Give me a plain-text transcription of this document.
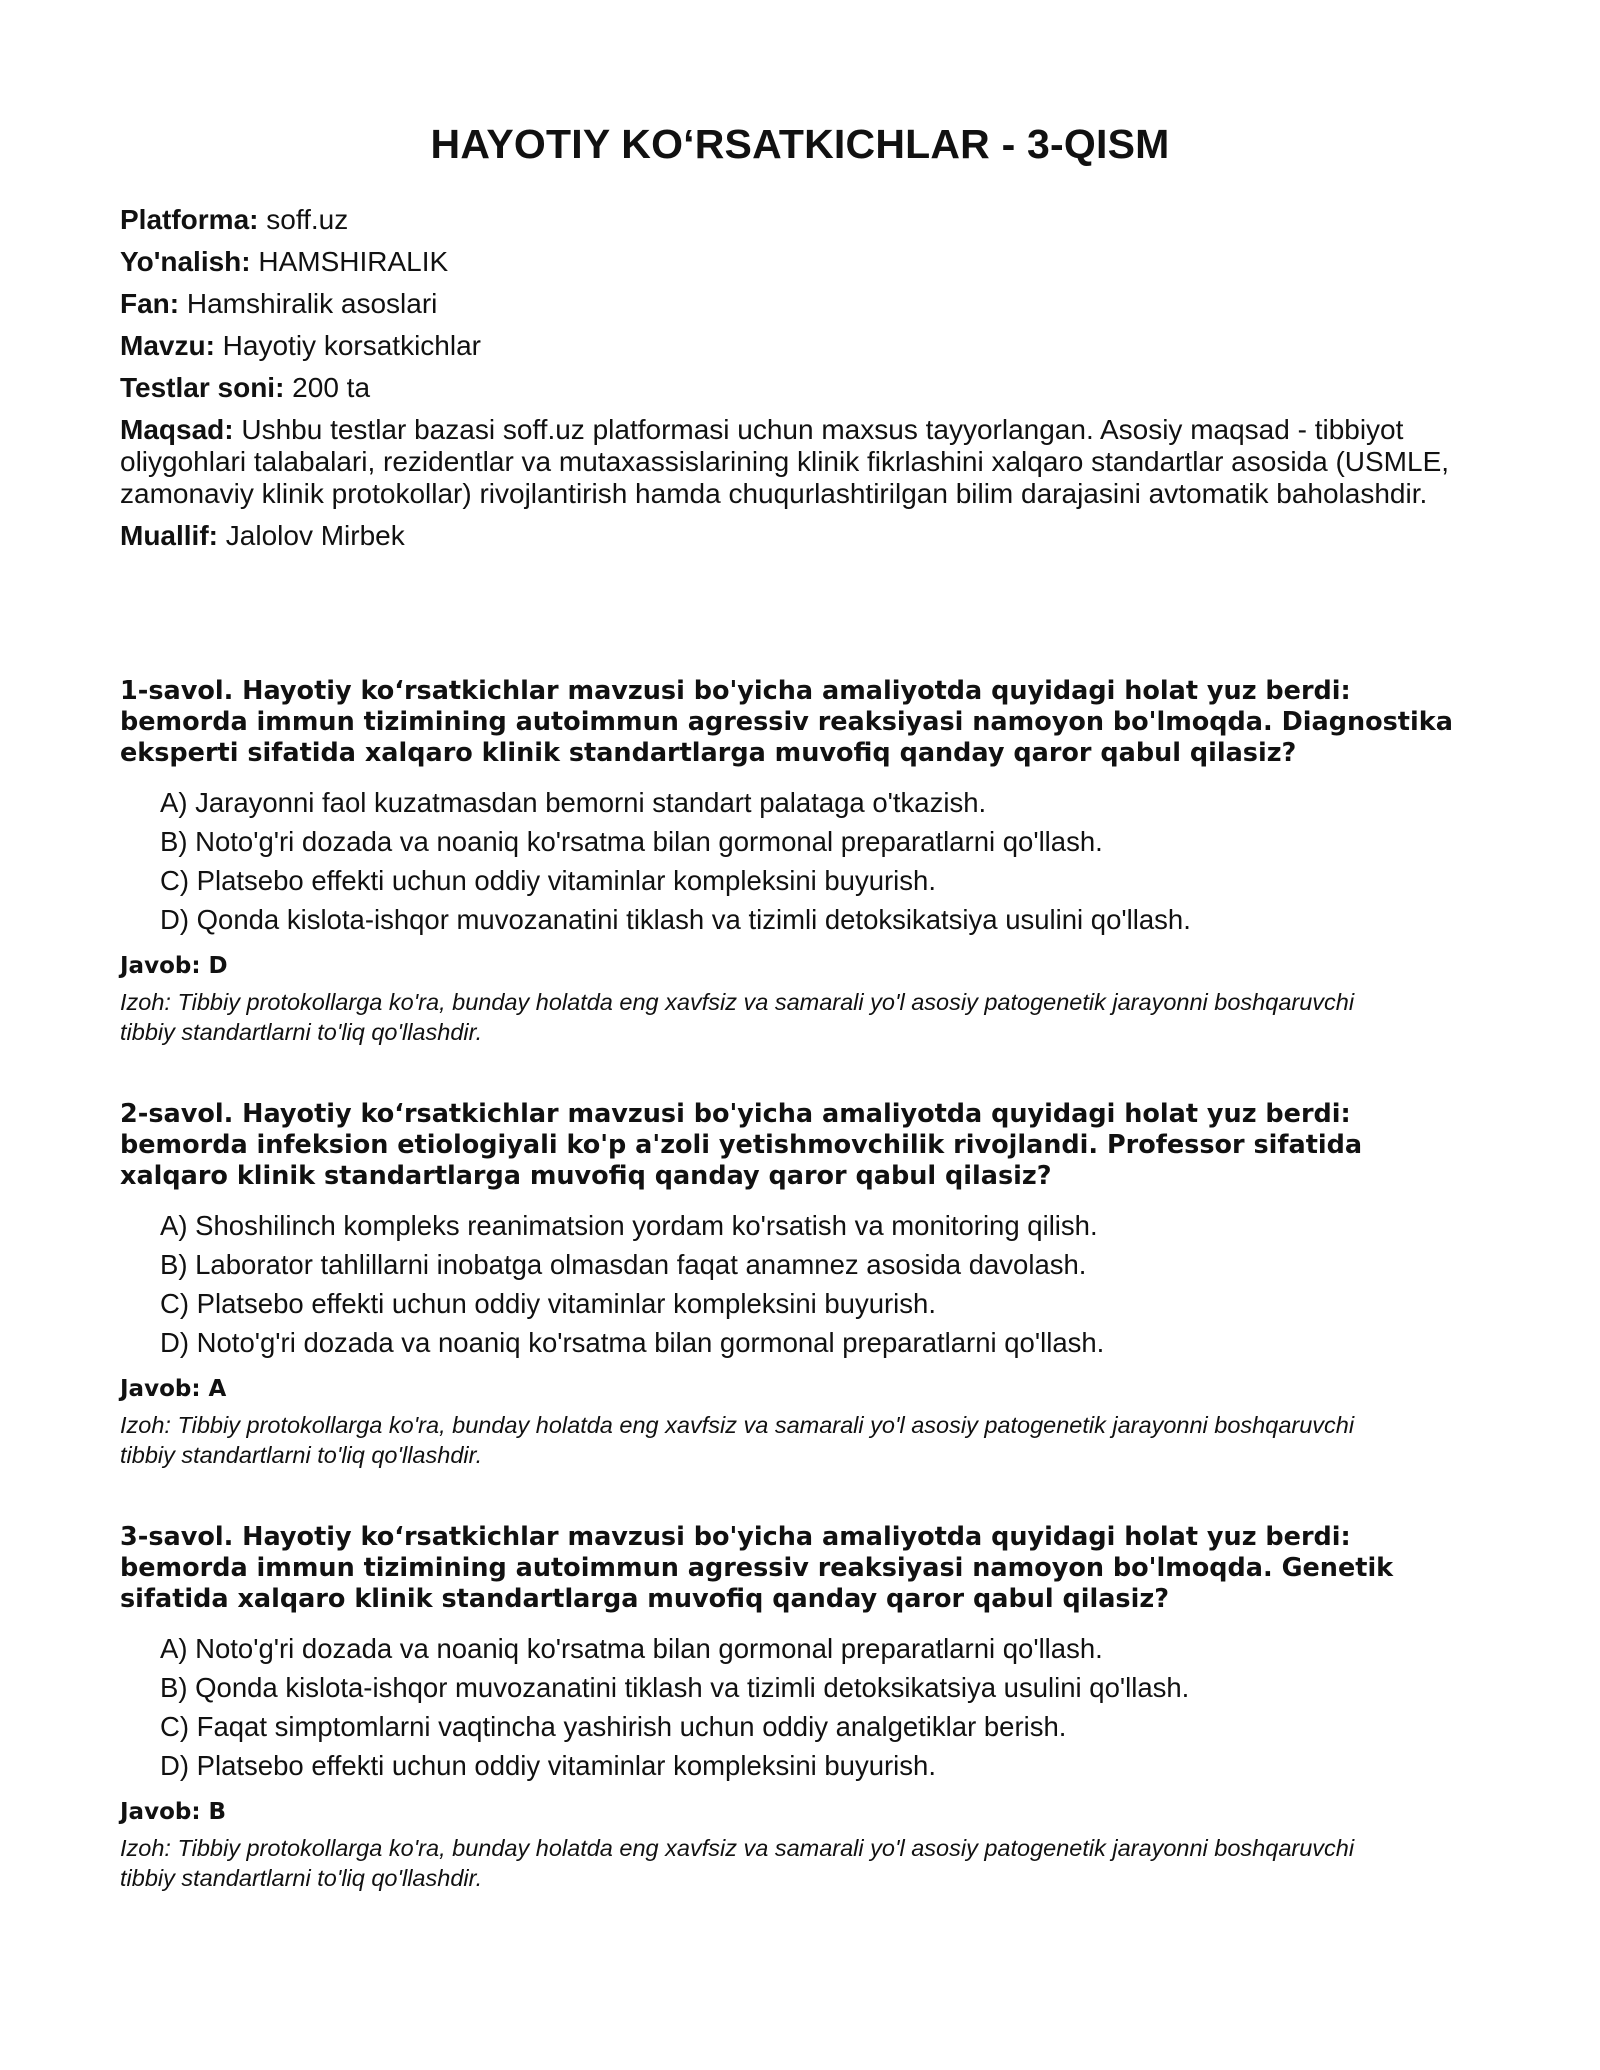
HAYOTIY KO‘RSATKICHLAR - 3-QISM
Platforma: soff.uz
Yo'nalish: HAMSHIRALIK
Fan: Hamshiralik asoslari
Mavzu: Hayotiy korsatkichlar
Testlar soni: 200 ta
Maqsad: Ushbu testlar bazasi soff.uz platformasi uchun maxsus tayyorlangan. Asosiy maqsad - tibbiyot oliygohlari talabalari, rezidentlar va mutaxassislarining klinik fikrlashini xalqaro standartlar asosida (USMLE, zamonaviy klinik protokollar) rivojlantirish hamda chuqurlashtirilgan bilim darajasini avtomatik baholashdir.
Muallif: Jalolov Mirbek

1-savol. Hayotiy ko‘rsatkichlar mavzusi bo'yicha amaliyotda quyidagi holat yuz berdi: bemorda immun tizimining autoimmun agressiv reaksiyasi namoyon bo'lmoqda. Diagnostika eksperti sifatida xalqaro klinik standartlarga muvofiq qanday qaror qabul qilasiz?

A) Jarayonni faol kuzatmasdan bemorni standart palataga o'tkazish.
B) Noto'g'ri dozada va noaniq ko'rsatma bilan gormonal preparatlarni qo'llash.
C) Platsebo effekti uchun oddiy vitaminlar kompleksini buyurish.
D) Qonda kislota-ishqor muvozanatini tiklash va tizimli detoksikatsiya usulini qo'llash.

Javob: D

Izoh: Tibbiy protokollarga ko'ra, bunday holatda eng xavfsiz va samarali yo'l asosiy patogenetik jarayonni boshqaruvchi tibbiy standartlarni to'liq qo'llashdir.

2-savol. Hayotiy ko‘rsatkichlar mavzusi bo'yicha amaliyotda quyidagi holat yuz berdi: bemorda infeksion etiologiyali ko'p a'zoli yetishmovchilik rivojlandi. Professor sifatida xalqaro klinik standartlarga muvofiq qanday qaror qabul qilasiz?

A) Shoshilinch kompleks reanimatsion yordam ko'rsatish va monitoring qilish.
B) Laborator tahlillarni inobatga olmasdan faqat anamnez asosida davolash.
C) Platsebo effekti uchun oddiy vitaminlar kompleksini buyurish.
D) Noto'g'ri dozada va noaniq ko'rsatma bilan gormonal preparatlarni qo'llash.

Javob: A

Izoh: Tibbiy protokollarga ko'ra, bunday holatda eng xavfsiz va samarali yo'l asosiy patogenetik jarayonni boshqaruvchi tibbiy standartlarni to'liq qo'llashdir.

3-savol. Hayotiy ko‘rsatkichlar mavzusi bo'yicha amaliyotda quyidagi holat yuz berdi: bemorda immun tizimining autoimmun agressiv reaksiyasi namoyon bo'lmoqda. Genetik sifatida xalqaro klinik standartlarga muvofiq qanday qaror qabul qilasiz?

A) Noto'g'ri dozada va noaniq ko'rsatma bilan gormonal preparatlarni qo'llash.
B) Qonda kislota-ishqor muvozanatini tiklash va tizimli detoksikatsiya usulini qo'llash.
C) Faqat simptomlarni vaqtincha yashirish uchun oddiy analgetiklar berish.
D) Platsebo effekti uchun oddiy vitaminlar kompleksini buyurish.

Javob: B

Izoh: Tibbiy protokollarga ko'ra, bunday holatda eng xavfsiz va samarali yo'l asosiy patogenetik jarayonni boshqaruvchi tibbiy standartlarni to'liq qo'llashdir.
